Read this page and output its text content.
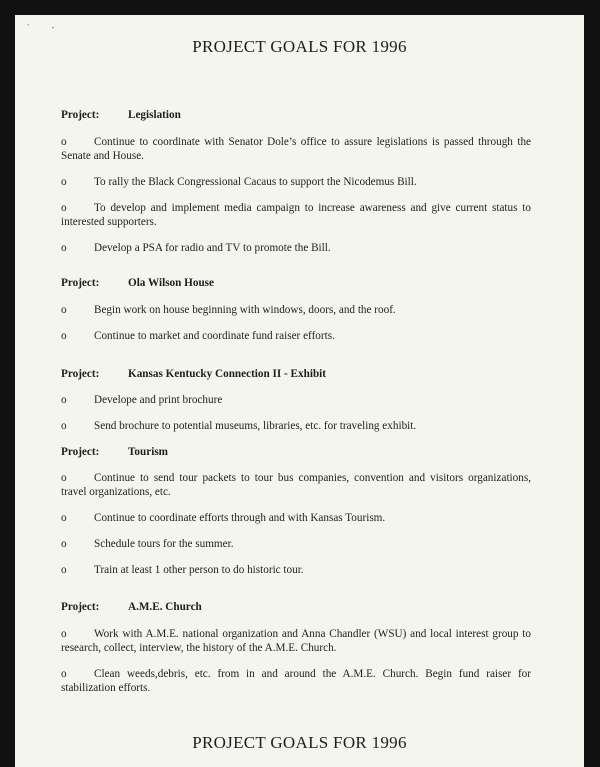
` -
PROJECT GOALS FOR 1996

Project:	Legislation

o Continue to coordinate with Senator Dole’s office to assure legislations is passed through the Senate and House.

o To rally the Black Congressional Cacaus to support the Nicodemus Bill.

o To develop and implement media campaign to increase awareness and give current status to interested supporters.

o Develop a PSA for radio and TV to promote the Bill.

Project:	Ola Wilson House

o Begin work on house beginning with windows, doors, and the roof.

o Continue to market and coordinate fund raiser efforts.

Project:	Kansas Kentucky Connection II - Exhibit

o Develope and print brochure

o Send brochure to potential museums, libraries, etc. for traveling exhibit.

Project:	Tourism

o Continue to send tour packets to tour bus companies, convention and visitors organizations, travel organizations, etc.

o Continue to coordinate efforts through and with Kansas Tourism.

o Schedule tours for the summer.

o Train at least 1 other person to do historic tour.

Project:	A.M.E. Church

o Work with A.M.E. national organization and Anna Chandler (WSU) and local interest group to research, collect, interview, the history of the A.M.E. Church.

o Clean weeds,debris, etc. from in and around the A.M.E. Church. Begin fund raiser for stabilization efforts.

PROJECT GOALS FOR 1996
